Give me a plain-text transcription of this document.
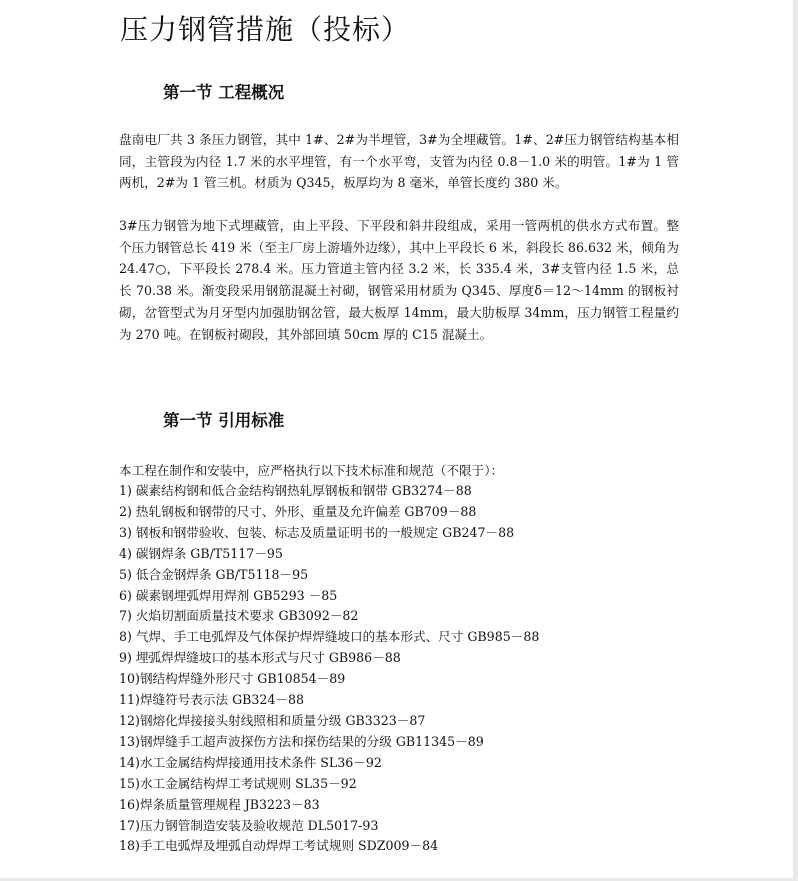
压力钢管措施（投标）
第一节 工程概况

盘南电厂共 3 条压力钢管，其中 1#、2#为半埋管，3#为全埋藏管。1#、2#压力钢管结构基本相同，主管段为内径 1.7 米的水平埋管，有一个水平弯，支管为内径 0.8－1.0 米的明管。1#为 1 管两机，2#为 1 管三机。材质为 Q345，板厚均为 8 毫米，单管长度约 380 米。

3#压力钢管为地下式埋藏管，由上平段、下平段和斜井段组成，采用一管两机的供水方式布置。整个压力钢管总长 419 米（至主厂房上游墙外边缘），其中上平段长 6 米，斜段长 86.632 米，倾角为 24.47○，下平段长 278.4 米。压力管道主管内径 3.2 米，长 335.4 米，3#支管内径 1.5 米，总长 70.38 米。渐变段采用钢筋混凝土衬砌，钢管采用材质为 Q345、厚度δ＝12～14mm 的钢板衬砌，岔管型式为月牙型内加强肋钢岔管，最大板厚 14mm，最大肋板厚 34mm，压力钢管工程量约为 270 吨。在钢板衬砌段，其外部回填 50cm 厚的 C15 混凝土。

第一节 引用标准

本工程在制作和安装中，应严格执行以下技术标准和规范（不限于）：

1) 碳素结构钢和低合金结构钢热轧厚钢板和钢带 GB3274－88
2) 热轧钢板和钢带的尺寸、外形、重量及允许偏差 GB709－88
3) 钢板和钢带验收、包装、标志及质量证明书的一般规定 GB247－88
4) 碳钢焊条 GB/T5117－95
5) 低合金钢焊条 GB/T5118－95
6) 碳素钢埋弧焊用焊剂 GB5293 －85
7) 火焰切割面质量技术要求 GB3092－82
8) 气焊、手工电弧焊及气体保护焊焊缝坡口的基本形式、尺寸 GB985－88
9) 埋弧焊焊缝坡口的基本形式与尺寸 GB986－88
10)钢结构焊缝外形尺寸 GB10854－89
11)焊缝符号表示法 GB324－88
12)钢熔化焊接接头射线照相和质量分级 GB3323－87
13)钢焊缝手工超声波探伤方法和探伤结果的分级 GB11345－89
14)水工金属结构焊接通用技术条件 SL36－92
15)水工金属结构焊工考试规则 SL35－92
16)焊条质量管理规程 JB3223－83
17)压力钢管制造安装及验收规范 DL5017-93
18)手工电弧焊及埋弧自动焊焊工考试规则 SDZ009－84
